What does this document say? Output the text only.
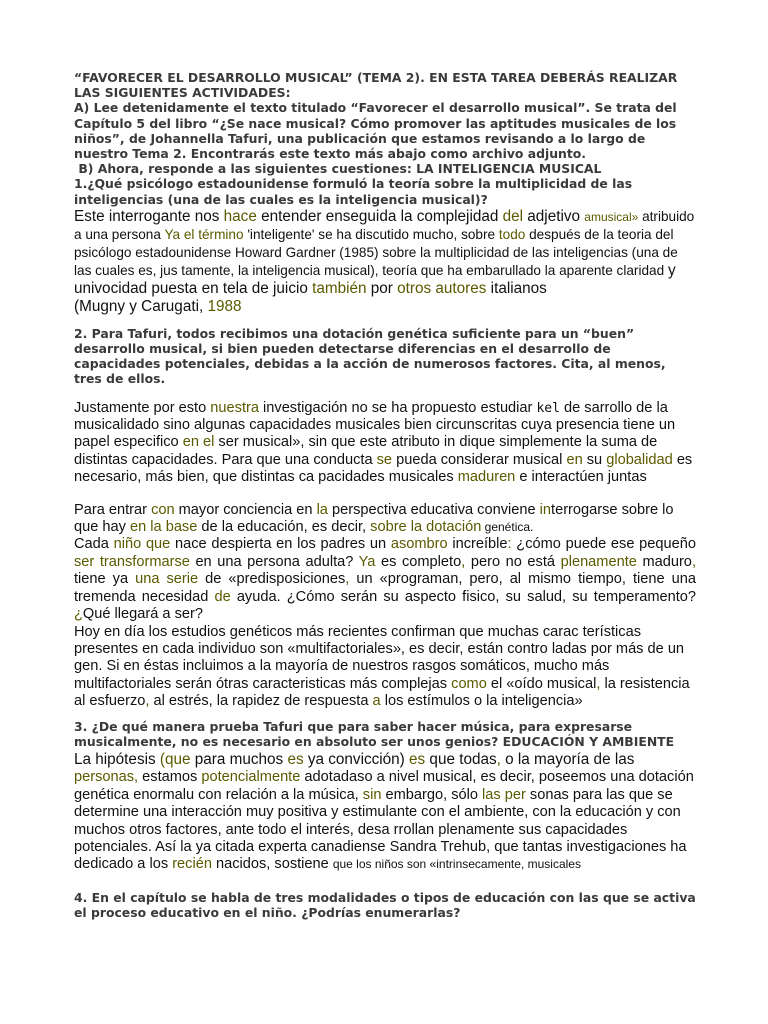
“FAVORECER EL DESARROLLO MUSICAL” (TEMA 2). EN ESTA TAREA DEBERÁS REALIZAR LAS SIGUIENTES ACTIVIDADES:

A) Lee detenidamente el texto titulado “Favorecer el desarrollo musical”. Se trata del Capítulo 5 del libro “¿Se nace musical? Cómo promover las aptitudes musicales de los niños”, de Johannella Tafuri, una publicación que estamos revisando a lo largo de nuestro Tema 2. Encontrarás este texto más abajo como archivo adjunto.

B) Ahora, responde a las siguientes cuestiones: LA INTELIGENCIA MUSICAL

1.¿Qué psicólogo estadounidense formuló la teoría sobre la multiplicidad de las inteligencias (una de las cuales es la inteligencia musical)?

Este interrogante nos hace entender enseguida la complejidad del adjetivo amusical» atribuido a una persona Ya el término 'inteligente' se ha discutido mucho, sobre todo después de la teoria del psicólogo estadounidense Howard Gardner (1985) sobre la multiplicidad de las inteligencias (una de las cuales es, jus tamente, la inteligencia musical), teoría que ha embarullado la aparente claridad y univocidad puesta en tela de juicio también por otros autores italianos
(Mugny y Carugati, 1988

2. Para Tafuri, todos recibimos una dotación genética suficiente para un “buen” desarrollo musical, si bien pueden detectarse diferencias en el desarrollo de capacidades potenciales, debidas a la acción de numerosos factores. Cita, al menos, tres de ellos.

Justamente por esto nuestra investigación no se ha propuesto estudiar kel de sarrollo de la musicalidado sino algunas capacidades musicales bien circunscritas cuya presencia tiene un papel especifico en el ser musical», sin que este atributo in dique simplemente la suma de distintas capacidades. Para que una conducta se pueda considerar musical en su globalidad es necesario, más bien, que distintas ca pacidades musicales maduren e interactúen juntas

Para entrar con mayor conciencia en la perspectiva educativa conviene interrogarse sobre lo que hay en la base de la educación, es decir, sobre la dotación genética.

Cada niño que nace despierta en los padres un asombro increíble: ¿cómo puede ese pequeño ser transformarse en una persona adulta? Ya es completo, pero no está plenamente maduro, tiene ya una serie de «predisposiciones, un «programan, pero, al mismo tiempo, tiene una tremenda necesidad de ayuda. ¿Cómo serán su aspecto fisico, su salud, su temperamento? ¿Qué llegará a ser?

Hoy en día los estudios genéticos más recientes confirman que muchas carac terísticas presentes en cada individuo son «multifactoriales», es decir, están contro ladas por más de un gen. Si en éstas incluimos a la mayoría de nuestros rasgos somáticos, mucho más multifactoriales serán ótras caracteristicas más complejas como el «oído musical, la resistencia al esfuerzo, al estrés, la rapidez de respuesta a los estímulos o la inteligencia»

3. ¿De qué manera prueba Tafuri que para saber hacer música, para expresarse musicalmente, no es necesario en absoluto ser unos genios? EDUCACIÓN Y AMBIENTE

La hipótesis (que para muchos es ya convicción) es que todas, o la mayoría de las personas, estamos potencialmente adotadaso a nivel musical, es decir, poseemos una dotación genética enormalu con relación a la música, sin embargo, sólo las per sonas para las que se determine una interacción muy positiva y estimulante con el ambiente, con la educación y con muchos otros factores, ante todo el interés, desa rrollan plenamente sus capacidades potenciales. Así la ya citada experta canadiense Sandra Trehub, que tantas investigaciones ha dedicado a los recién nacidos, sostiene que los niños son «intrinsecamente, musicales

4. En el capítulo se habla de tres modalidades o tipos de educación con las que se activa el proceso educativo en el niño. ¿Podrías enumerarlas?
